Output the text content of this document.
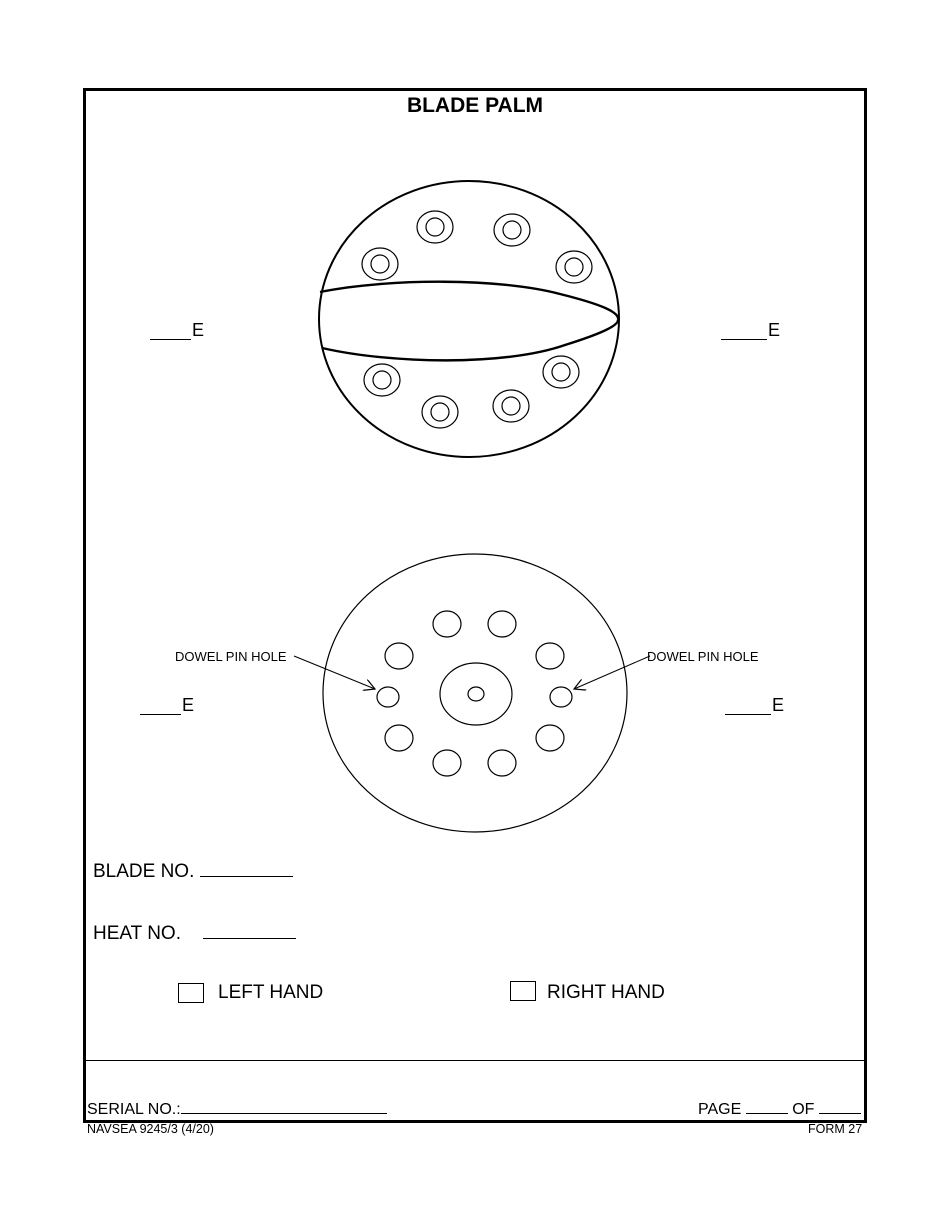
BLADE PALM
E	E
DOWEL PIN HOLE	DOWEL PIN HOLE
E	E
BLADE NO.
HEAT NO.
LEFT HAND	RIGHT HAND
SERIAL NO.:	PAGE	OF
NAVSEA 9245/3 (4/20)	FORM 27
